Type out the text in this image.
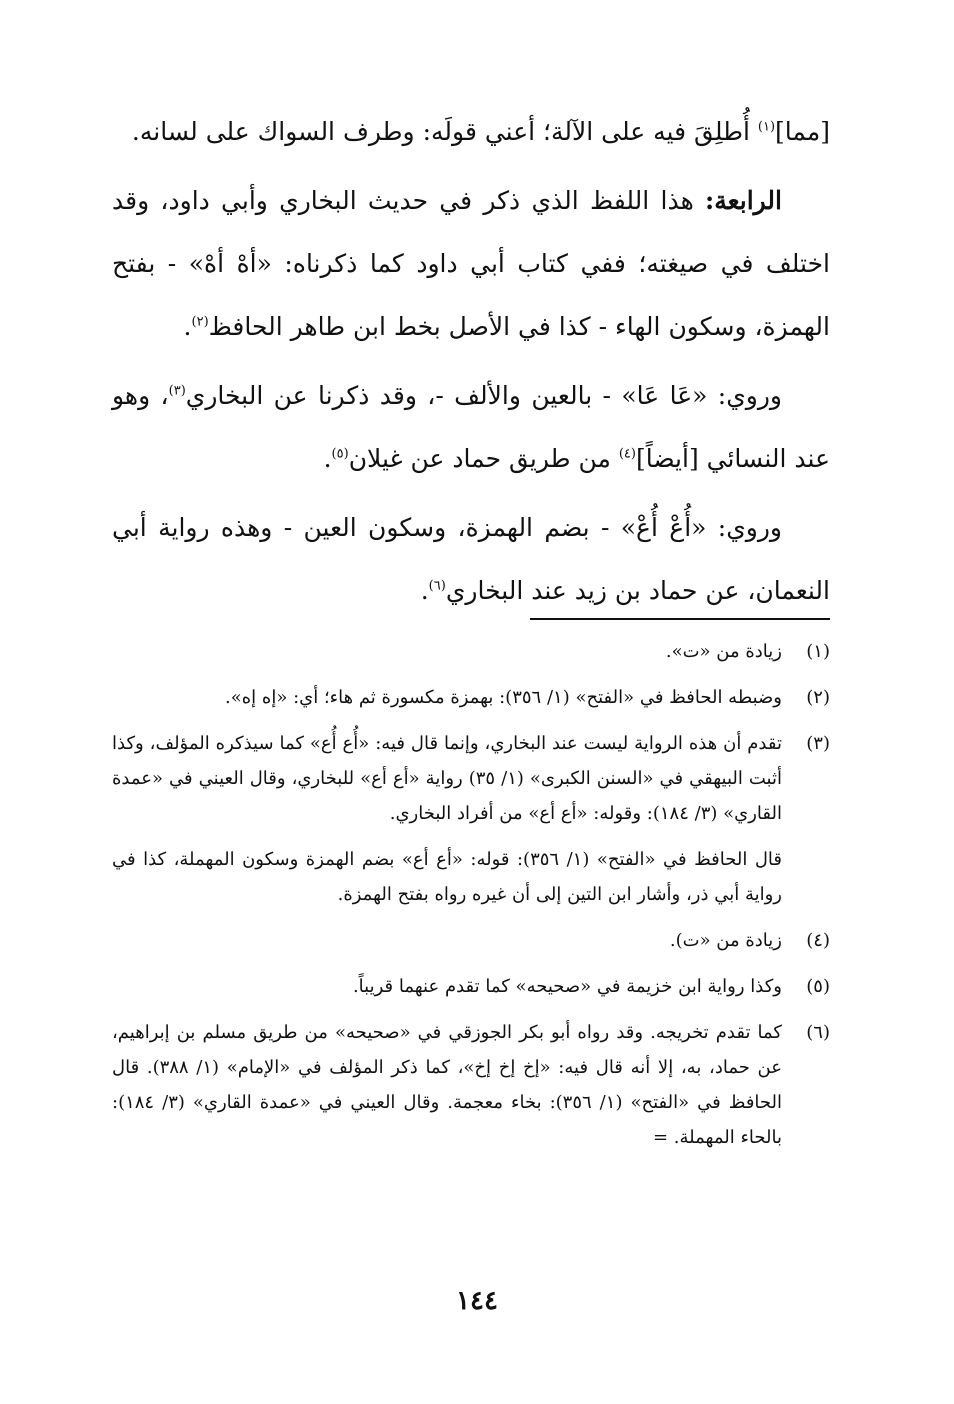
[مما]$^{(١)}$ أُطلِقَ فيه على الآلة؛ أعني قولَه: وطرف السواك على لسانه.

الرابعة: هذا اللفظ الذي ذكر في حديث البخاري وأبي داود، وقد اختلف في صيغته؛ ففي كتاب أبي داود كما ذكرناه: «أهْ أهْ» - بفتح الهمزة، وسكون الهاء - كذا في الأصل بخط ابن طاهر الحافظ$^{(٢)}$.

وروي: «عَا عَا» - بالعين والألف -، وقد ذكرنا عن البخاري$^{(٣)}$، وهو عند النسائي [أيضاً]$^{(٤)}$ من طريق حماد عن غيلان$^{(٥)}$.

وروي: «أُعْ أُعْ» - بضم الهمزة، وسكون العين - وهذه رواية أبي النعمان، عن حماد بن زيد عند البخاري$^{(٦)}$.

(١)
زيادة من «ت».
(٢)
وضبطه الحافظ في «الفتح» (١/ ٣٥٦): بهمزة مكسورة ثم هاء؛ أي: «إه إه».
(٣)
تقدم أن هذه الرواية ليست عند البخاري، وإنما قال فيه: «أُع أُع» كما سيذكره المؤلف، وكذا أثبت البيهقي في «السنن الكبرى» (١/ ٣٥) رواية «أع أع» للبخاري، وقال العيني في «عمدة القاري» (٣/ ١٨٤): وقوله: «أع أع» من أفراد البخاري.
قال الحافظ في «الفتح» (١/ ٣٥٦): قوله: «أع أع» بضم الهمزة وسكون المهملة، كذا في رواية أبي ذر، وأشار ابن التين إلى أن غيره رواه بفتح الهمزة.
(٤)
زيادة من «ت).
(٥)
وكذا رواية ابن خزيمة في «صحيحه» كما تقدم عنهما قريباً.
(٦)
كما تقدم تخريجه. وقد رواه أبو بكر الجوزقي في «صحيحه» من طريق مسلم بن إبراهيم، عن حماد، به، إلا أنه قال فيه: «إخ إخ إخ»، كما ذكر المؤلف في «الإمام» (١/ ٣٨٨). قال الحافظ في «الفتح» (١/ ٣٥٦): بخاء معجمة. وقال العيني في «عمدة القاري» (٣/ ١٨٤): بالحاء المهملة. =
١٤٤
